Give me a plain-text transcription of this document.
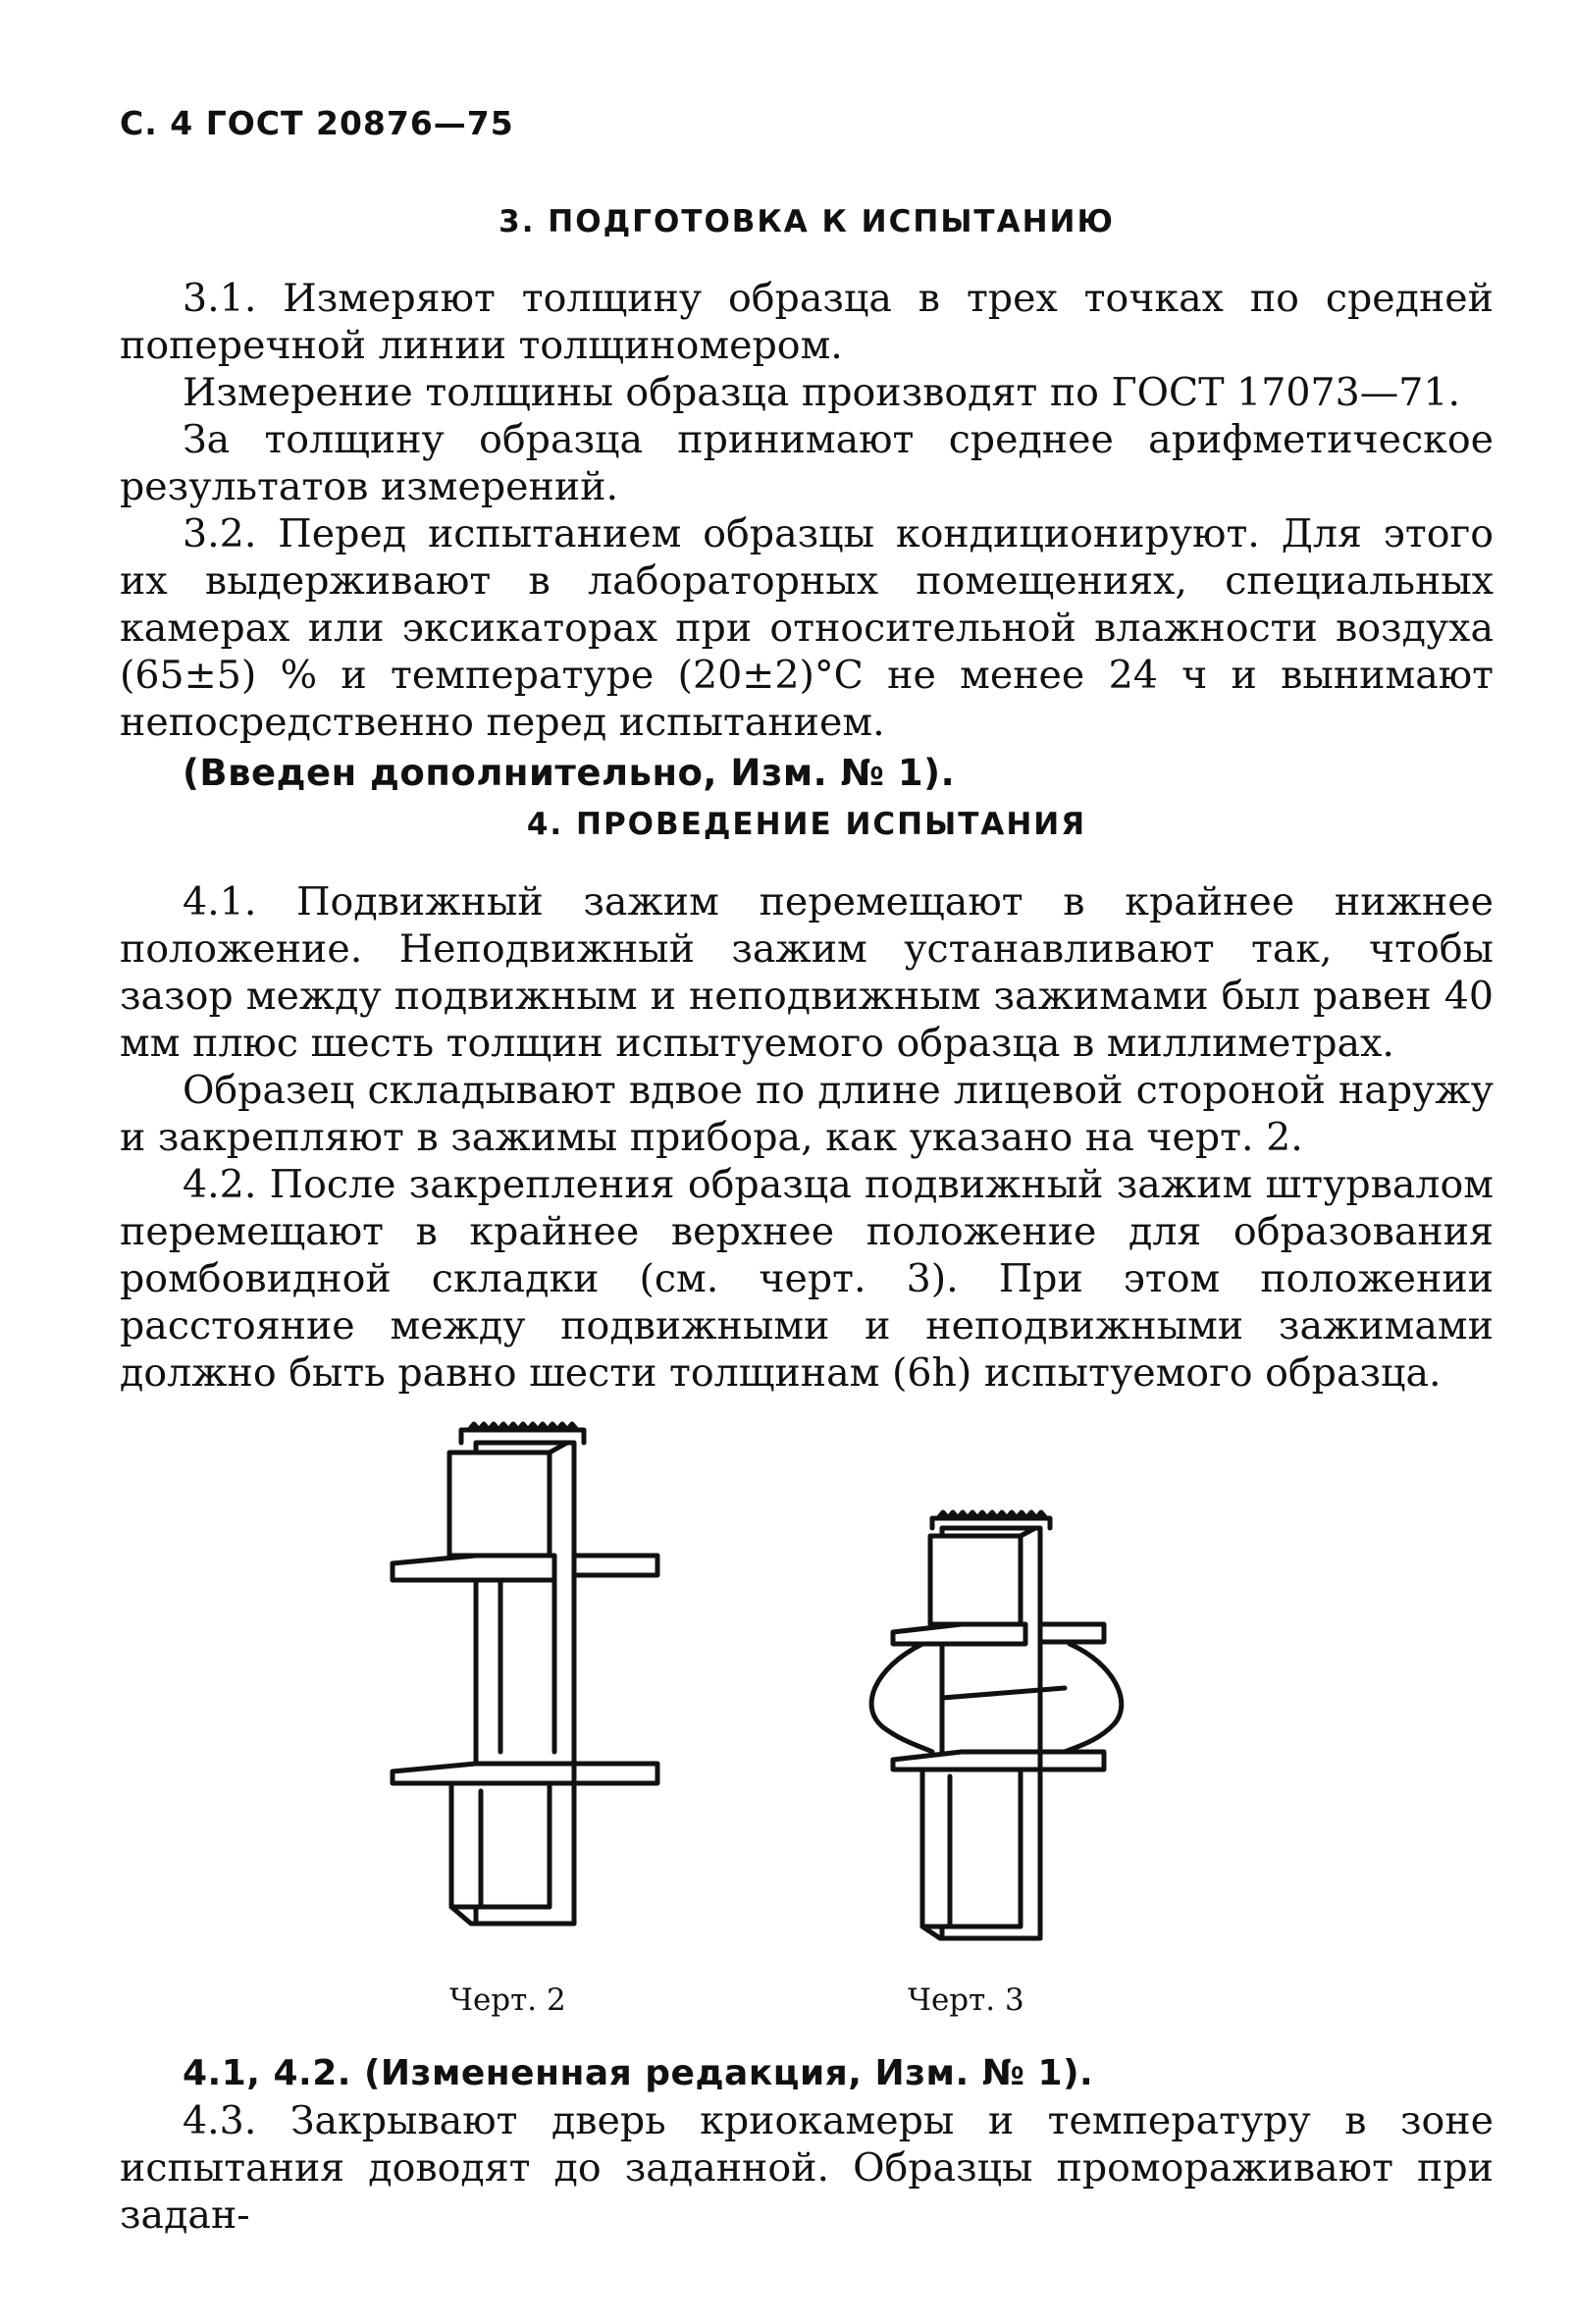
С. 4 ГОСТ 20876—75
3. ПОДГОТОВКА К ИСПЫТАНИЮ

3.1. Измеряют толщину образца в трех точках по средней поперечной линии толщиномером.

Измерение толщины образца производят по ГОСТ 17073—71.

За толщину образца принимают среднее арифметическое результатов измерений.

3.2. Перед испытанием образцы кондиционируют. Для этого их выдерживают в лабораторных помещениях, специальных камерах или эксикаторах при относительной влажности воздуха (65±5) % и температуре (20±2)°С не менее 24 ч и вынимают непосредственно перед испытанием.

(Введен дополнительно, Изм. № 1).

4. ПРОВЕДЕНИЕ ИСПЫТАНИЯ

4.1. Подвижный зажим перемещают в крайнее нижнее положение. Неподвижный зажим устанавливают так, чтобы зазор между подвижным и неподвижным зажимами был равен 40 мм плюс шесть толщин испытуемого образца в миллиметрах.

Образец складывают вдвое по длине лицевой стороной наружу и закрепляют в зажимы прибора, как указано на черт. 2.

4.2. После закрепления образца подвижный зажим штурвалом перемещают в крайнее верхнее положение для образования ромбовидной складки (см. черт. 3). При этом положении расстояние между подвижными и неподвижными зажимами должно быть равно шести толщинам (6h) испытуемого образца.

Черт. 2	Черт. 3

4.1, 4.2. (Измененная редакция, Изм. № 1).

4.3. Закрывают дверь криокамеры и температуру в зоне испытания доводят до заданной. Образцы промораживают при задан-
